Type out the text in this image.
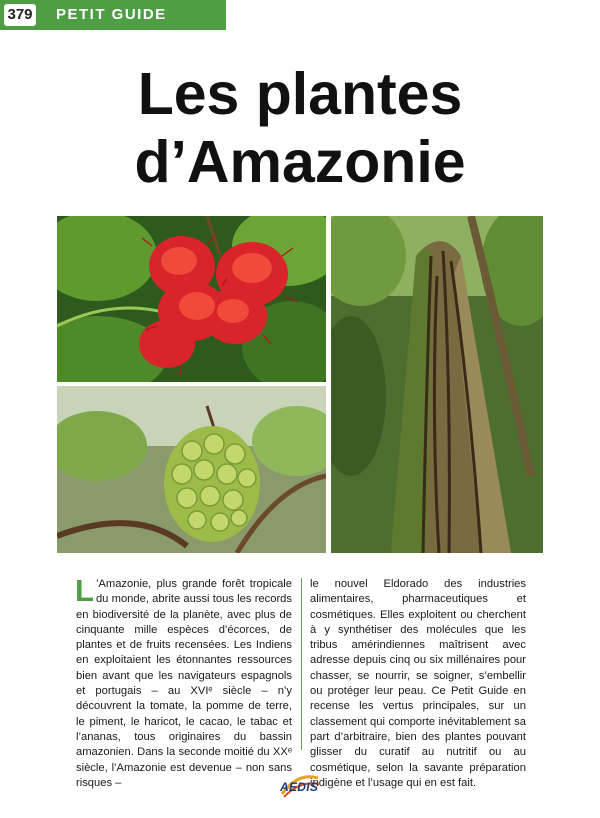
379 PETIT GUIDE
Les plantes
d’Amazonie
L ’Amazonie, plus grande forêt tropicale du monde, abrite aussi tous les records en biodiversité de la planète, avec plus de cinquante mille espèces d’écorces, de plantes et de fruits recensées. Les Indiens en exploitaient les étonnantes ressources bien avant que les navigateurs espagnols et portugais – au XVIᵉ siècle – n’y découvrent la tomate, la pomme de terre, le piment, le haricot, le cacao, le tabac et l’ananas, tous originaires du bassin amazonien. Dans la seconde moitié du XXᵉ siècle, l’Amazonie est devenue – non sans risques –
le nouvel Eldorado des industries alimentaires, pharmaceutiques et cosmétiques. Elles exploitent ou cherchent à y synthétiser des molécules que les tribus amérindiennes maîtrisent avec adresse depuis cinq ou six millénaires pour chasser, se nourrir, se soigner, s’embellir ou protéger leur peau. Ce Petit Guide en recense les vertus principales, sur un classement qui comporte inévitablement sa part d’arbitraire, bien des plantes pouvant glisser du curatif au nutritif ou au cosmétique, selon la savante préparation indigène et l’usage qui en est fait.
AEDIS
